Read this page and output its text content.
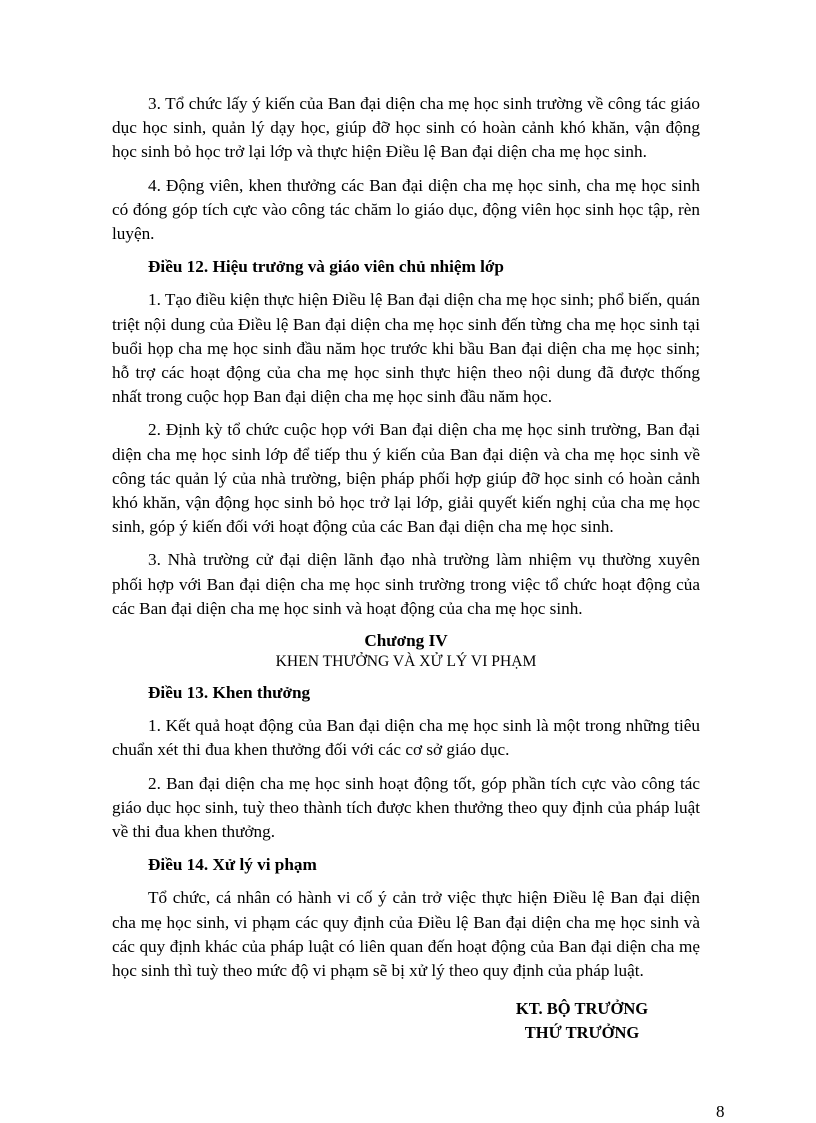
3. Tổ chức lấy ý kiến của Ban đại diện cha mẹ học sinh trường về công tác giáo dục học sinh, quản lý dạy học, giúp đỡ học sinh có hoàn cảnh khó khăn, vận động học sinh bỏ học trở lại lớp và thực hiện Điều lệ Ban đại diện cha mẹ học sinh.

4. Động viên, khen thưởng các Ban đại diện cha mẹ học sinh, cha mẹ học sinh có đóng góp tích cực vào công tác chăm lo giáo dục, động viên học sinh học tập, rèn luyện.

Điều 12. Hiệu trưởng và giáo viên chủ nhiệm lớp

1. Tạo điều kiện thực hiện Điều lệ Ban đại diện cha mẹ học sinh; phổ biến, quán triệt nội dung của Điều lệ Ban đại diện cha mẹ học sinh đến từng cha mẹ học sinh tại buổi họp cha mẹ học sinh đầu năm học trước khi bầu Ban đại diện cha mẹ học sinh; hỗ trợ các hoạt động của cha mẹ học sinh thực hiện theo nội dung đã được thống nhất trong cuộc họp Ban đại diện cha mẹ học sinh đầu năm học.

2. Định kỳ tổ chức cuộc họp với Ban đại diện cha mẹ học sinh trường, Ban đại diện cha mẹ học sinh lớp để tiếp thu ý kiến của Ban đại diện và cha mẹ học sinh về công tác quản lý của nhà trường, biện pháp phối hợp giúp đỡ học sinh có hoàn cảnh khó khăn, vận động học sinh bỏ học trở lại lớp, giải quyết kiến nghị của cha mẹ học sinh, góp ý kiến đối với hoạt động của các Ban đại diện cha mẹ học sinh.

3. Nhà trường cử đại diện lãnh đạo nhà trường làm nhiệm vụ thường xuyên phối hợp với Ban đại diện cha mẹ học sinh trường trong việc tổ chức hoạt động của các Ban đại diện cha mẹ học sinh và hoạt động của cha mẹ học sinh.

Chương IV

KHEN THƯỞNG VÀ XỬ LÝ VI PHẠM

Điều 13. Khen thưởng

1. Kết quả hoạt động của Ban đại diện cha mẹ học sinh là một trong những tiêu chuẩn xét thi đua khen thưởng đối với các cơ sở giáo dục.

2. Ban đại diện cha mẹ học sinh hoạt động tốt, góp phần tích cực vào công tác giáo dục học sinh, tuỳ theo thành tích được khen thưởng theo quy định của pháp luật về thi đua khen thưởng.

Điều 14. Xử lý vi phạm

Tổ chức, cá nhân có hành vi cố ý cản trở việc thực hiện Điều lệ Ban đại diện cha mẹ học sinh, vi phạm các quy định của Điều lệ Ban đại diện cha mẹ học sinh và các quy định khác của pháp luật có liên quan đến hoạt động của Ban đại diện cha mẹ học sinh thì tuỳ theo mức độ vi phạm sẽ bị xử lý theo quy định của pháp luật.

KT. BỘ TRƯỞNG
THỨ TRƯỞNG
8
